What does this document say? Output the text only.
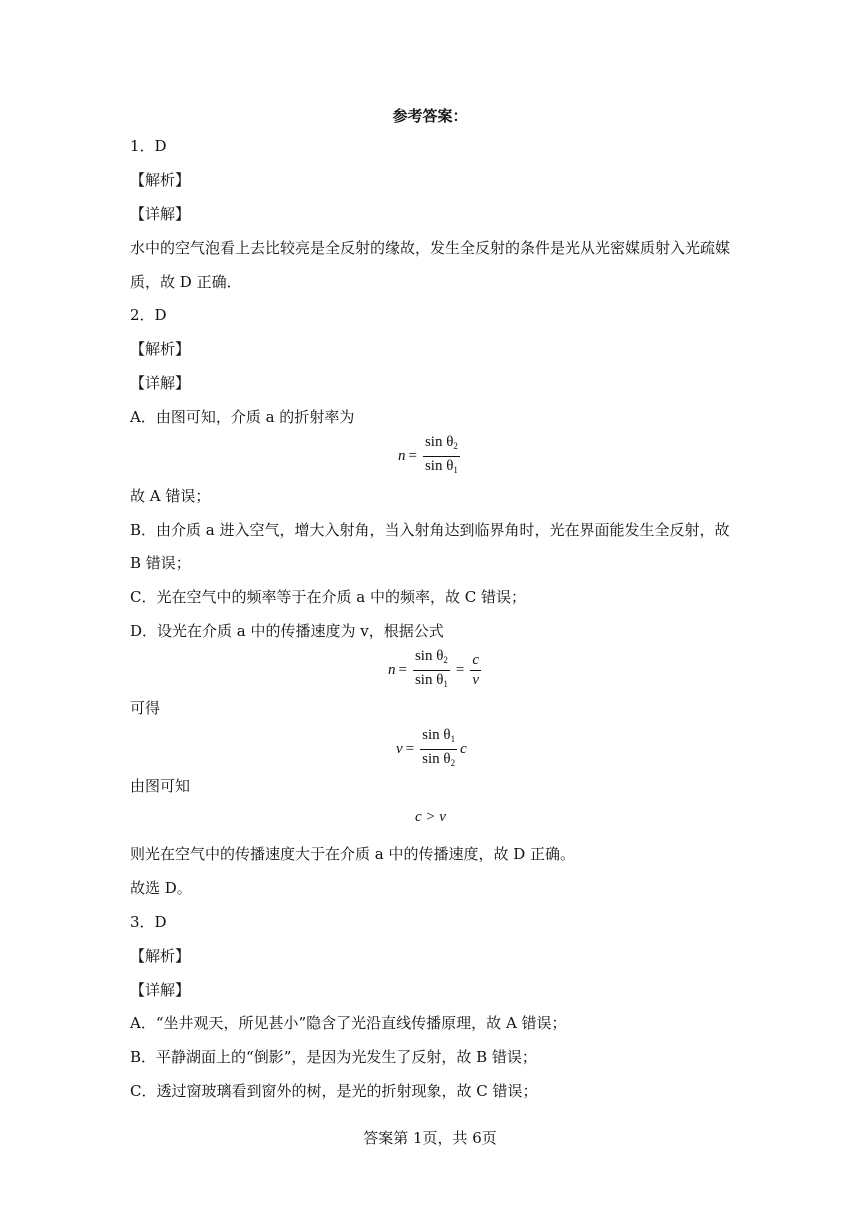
参考答案：
1．D
【解析】
【详解】
水中的空气泡看上去比较亮是全反射的缘故，发生全反射的条件是光从光密媒质射入光疏媒
质，故 D 正确．
2．D
【解析】
【详解】
A．由图可知，介质 a 的折射率为
$n = \frac{\sin \theta_2}{\sin \theta_1}$
故 A 错误；
B．由介质 a 进入空气，增大入射角，当入射角达到临界角时，光在界面能发生全反射，故
B 错误；
C．光在空气中的频率等于在介质 a 中的频率，故 C 错误；
D．设光在介质 a 中的传播速度为 v，根据公式
$n = \frac{\sin \theta_2}{\sin \theta_1} = \frac{c}{v}$
可得
$v = \frac{\sin \theta_1}{\sin \theta_2}$ c
由图可知
c > v
则光在空气中的传播速度大于在介质 a 中的传播速度，故 D 正确。
故选 D。
3．D
【解析】
【详解】
A．“坐井观天，所见甚小”隐含了光沿直线传播原理，故 A 错误；
B．平静湖面上的“倒影”，是因为光发生了反射，故 B 错误；
C．透过窗玻璃看到窗外的树，是光的折射现象，故 C 错误；
答案第 1页，共 6页
